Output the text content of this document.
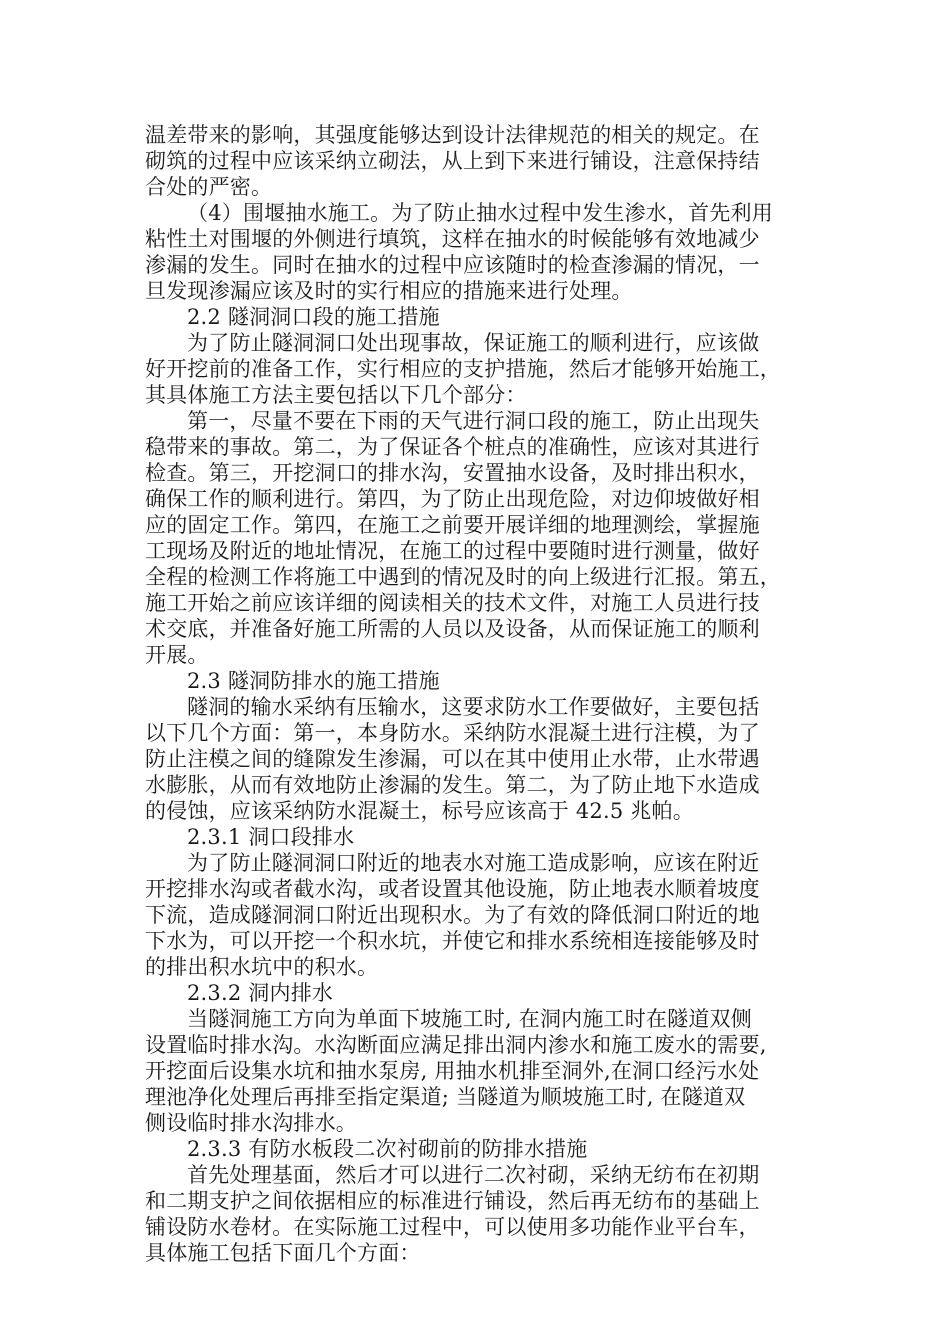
温差带来的影响，其强度能够达到设计法律规范的相关的规定。在
砌筑的过程中应该采纳立砌法，从上到下来进行铺设，注意保持结
合处的严密。
（4）围堰抽水施工。为了防止抽水过程中发生渗水，首先利用
粘性土对围堰的外侧进行填筑，这样在抽水的时候能够有效地减少
渗漏的发生。同时在抽水的过程中应该随时的检查渗漏的情况，一
旦发现渗漏应该及时的实行相应的措施来进行处理。
2.2 隧洞洞口段的施工措施
为了防止隧洞洞口处出现事故，保证施工的顺利进行，应该做
好开挖前的准备工作，实行相应的支护措施，然后才能够开始施工，
其具体施工方法主要包括以下几个部分：
第一，尽量不要在下雨的天气进行洞口段的施工，防止出现失
稳带来的事故。第二，为了保证各个桩点的准确性，应该对其进行
检查。第三，开挖洞口的排水沟，安置抽水设备，及时排出积水，
确保工作的顺利进行。第四，为了防止出现危险，对边仰坡做好相
应的固定工作。第四，在施工之前要开展详细的地理测绘，掌握施
工现场及附近的地址情况，在施工的过程中要随时进行测量，做好
全程的检测工作将施工中遇到的情况及时的向上级进行汇报。第五，
施工开始之前应该详细的阅读相关的技术文件，对施工人员进行技
术交底，并准备好施工所需的人员以及设备，从而保证施工的顺利
开展。
2.3 隧洞防排水的施工措施
隧洞的输水采纳有压输水，这要求防水工作要做好，主要包括
以下几个方面：第一，本身防水。采纳防水混凝土进行注模，为了
防止注模之间的缝隙发生渗漏，可以在其中使用止水带，止水带遇
水膨胀，从而有效地防止渗漏的发生。第二，为了防止地下水造成
的侵蚀，应该采纳防水混凝土，标号应该高于 42.5 兆帕。
2.3.1 洞口段排水
为了防止隧洞洞口附近的地表水对施工造成影响，应该在附近
开挖排水沟或者截水沟，或者设置其他设施，防止地表水顺着坡度
下流，造成隧洞洞口附近出现积水。为了有效的降低洞口附近的地
下水为，可以开挖一个积水坑，并使它和排水系统相连接能够及时
的排出积水坑中的积水。
2.3.2 洞内排水
当隧洞施工方向为单面下坡施工时, 在洞内施工时在隧道双侧
设置临时排水沟。水沟断面应满足排出洞内渗水和施工废水的需要,
开挖面后设集水坑和抽水泵房, 用抽水机排至洞外,在洞口经污水处
理池净化处理后再排至指定渠道; 当隧道为顺坡施工时, 在隧道双
侧设临时排水沟排水。
2.3.3 有防水板段二次衬砌前的防排水措施
首先处理基面，然后才可以进行二次衬砌，采纳无纺布在初期
和二期支护之间依据相应的标准进行铺设，然后再无纺布的基础上
铺设防水卷材。在实际施工过程中，可以使用多功能作业平台车，
具体施工包括下面几个方面：
